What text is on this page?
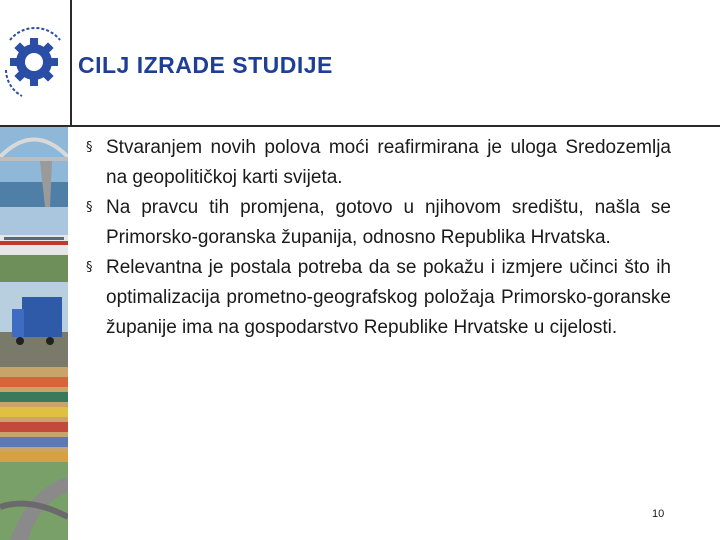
CILJ IZRADE STUDIJE
§ Stvaranjem novih polova moći reafirmirana je uloga Sredozemlja na geopolitičkoj karti svijeta.
§ Na pravcu tih promjena, gotovo u njihovom središtu, našla se Primorsko-goranska županija, odnosno Republika Hrvatska.
§ Relevantna je postala potreba da se pokažu i izmjere učinci što ih optimalizacija prometno-geografskog položaja Primorsko-goranske županije ima na gospodarstvo Republike Hrvatske u cijelosti.
10
